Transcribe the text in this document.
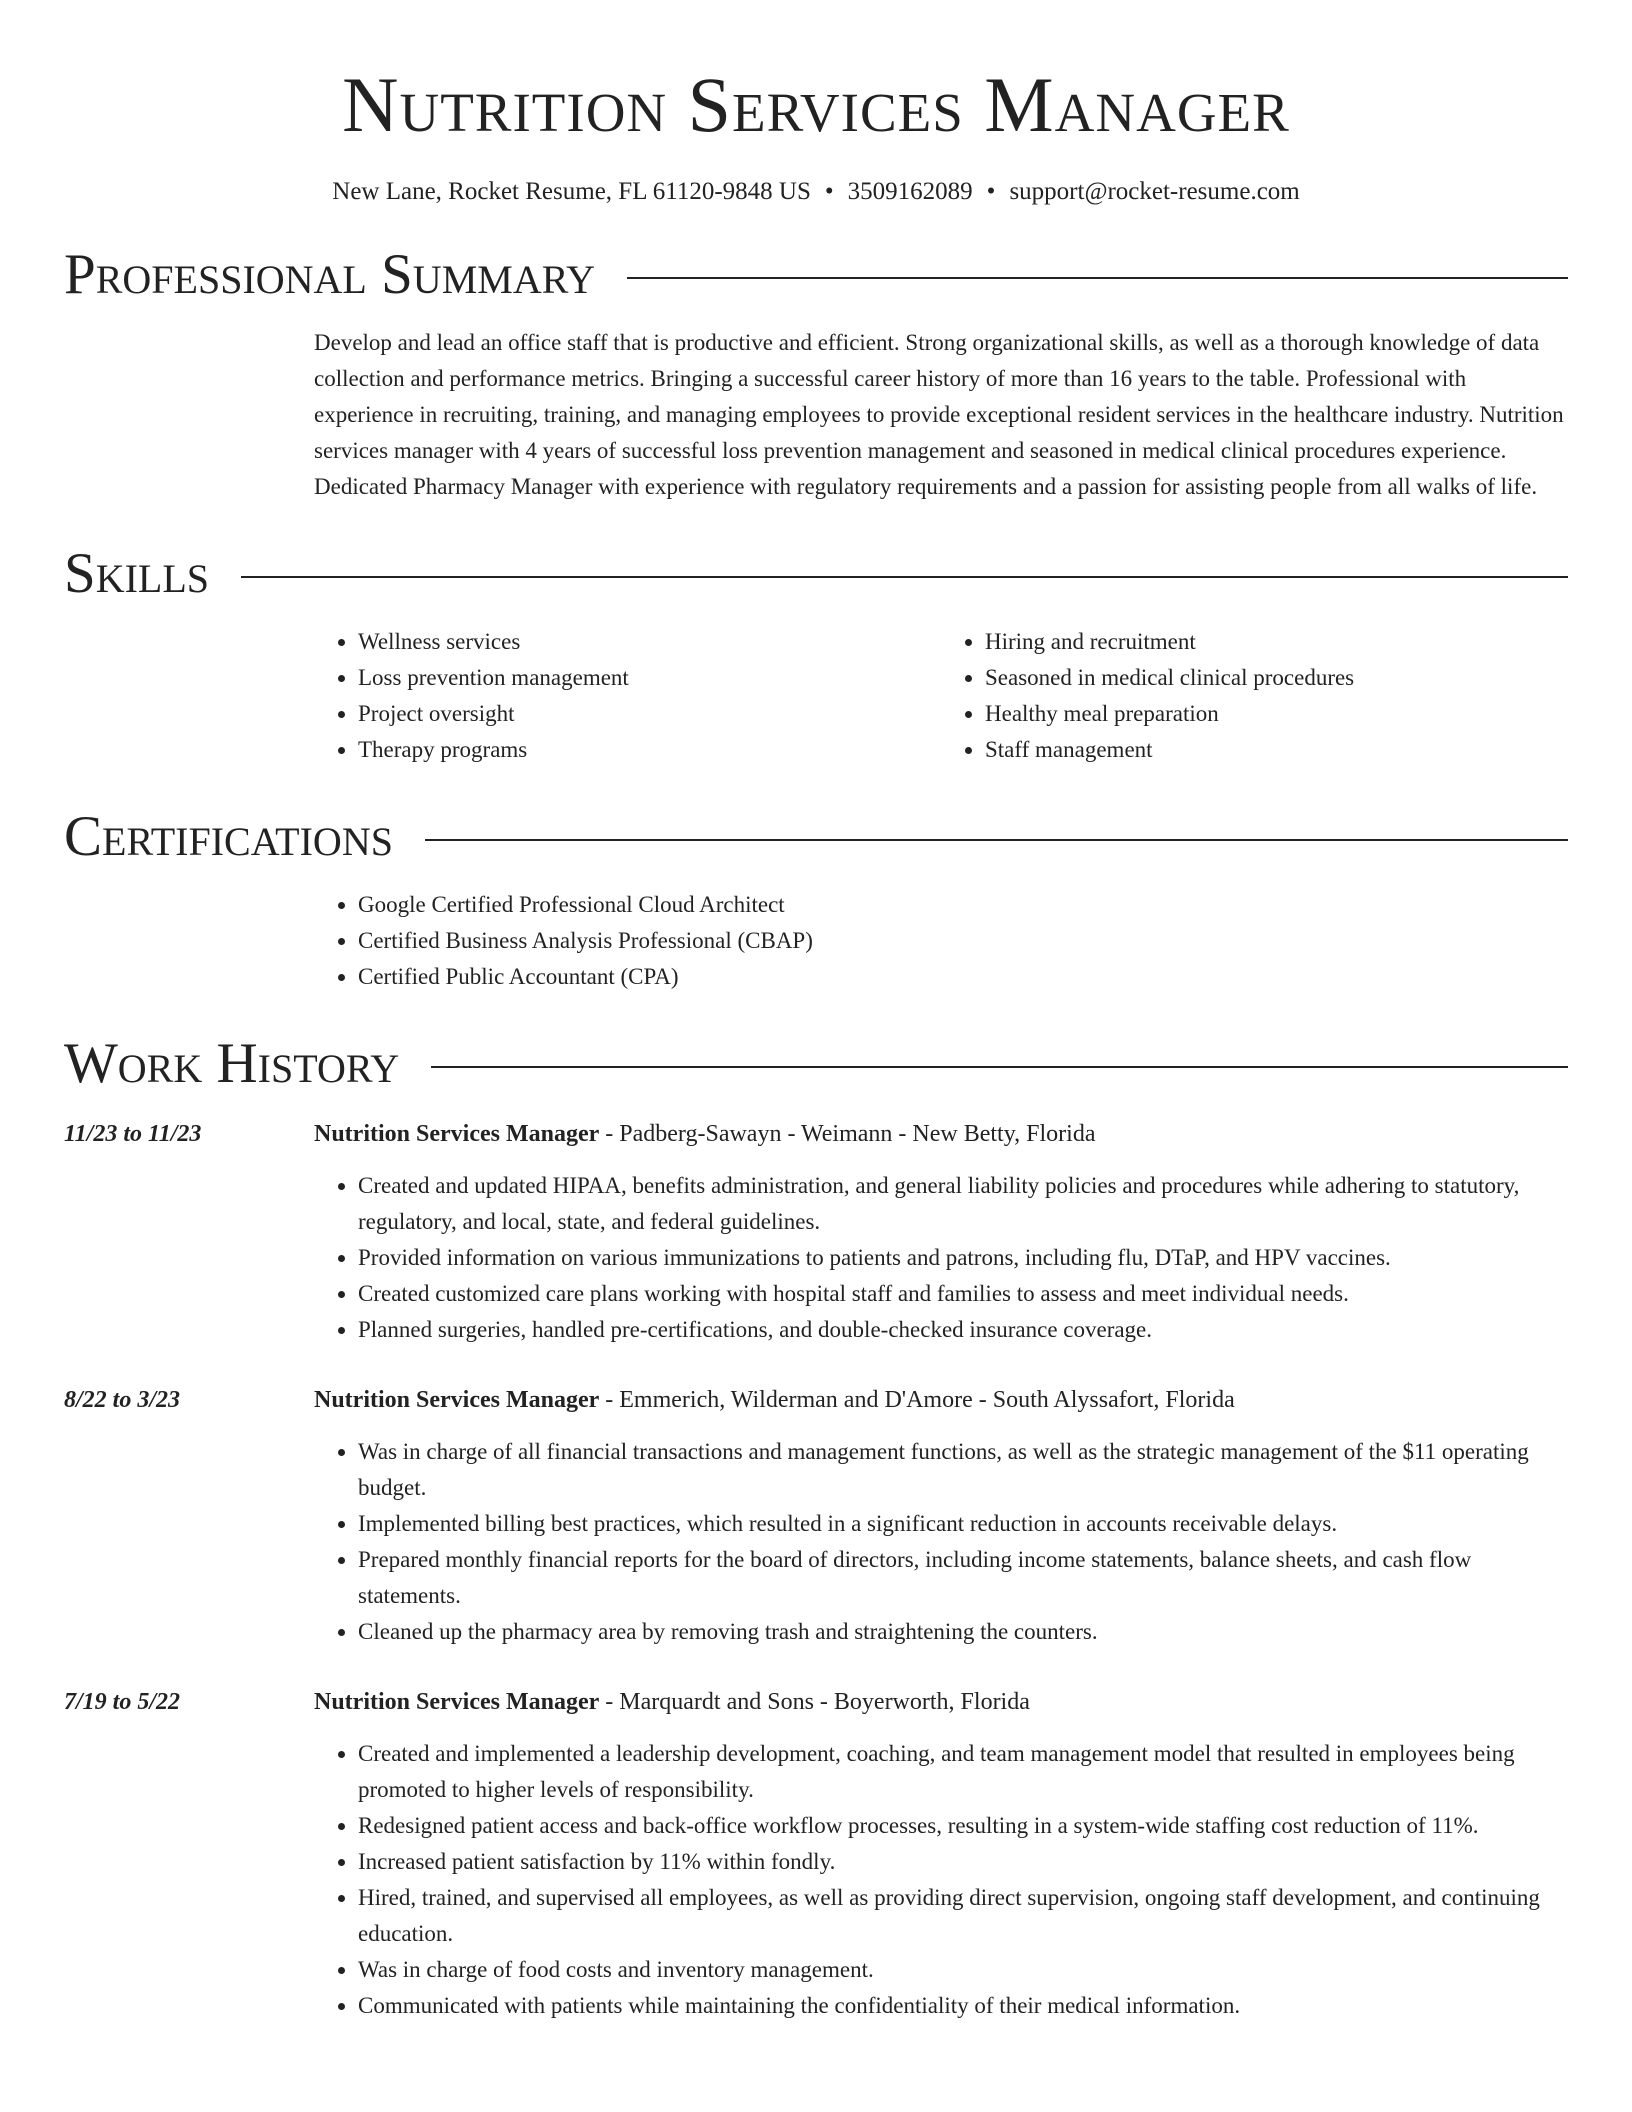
Nutrition Services Manager
New Lane, Rocket Resume, FL 61120-9848 US • 3509162089 • support@rocket-resume.com
Professional Summary
Develop and lead an office staff that is productive and efficient. Strong organizational skills, as well as a thorough knowledge of data collection and performance metrics. Bringing a successful career history of more than 16 years to the table. Professional with experience in recruiting, training, and managing employees to provide exceptional resident services in the healthcare industry. Nutrition services manager with 4 years of successful loss prevention management and seasoned in medical clinical procedures experience. Dedicated Pharmacy Manager with experience with regulatory requirements and a passion for assisting people from all walks of life.
Skills
• Wellness services
• Loss prevention management
• Project oversight
• Therapy programs
• Hiring and recruitment
• Seasoned in medical clinical procedures
• Healthy meal preparation
• Staff management
Certifications
• Google Certified Professional Cloud Architect
• Certified Business Analysis Professional (CBAP)
• Certified Public Accountant (CPA)
Work History
11/23 to 11/23	Nutrition Services Manager - Padberg-Sawayn - Weimann - New Betty, Florida
• Created and updated HIPAA, benefits administration, and general liability policies and procedures while adhering to statutory, regulatory, and local, state, and federal guidelines.
• Provided information on various immunizations to patients and patrons, including flu, DTaP, and HPV vaccines.
• Created customized care plans working with hospital staff and families to assess and meet individual needs.
• Planned surgeries, handled pre-certifications, and double-checked insurance coverage.
8/22 to 3/23	Nutrition Services Manager - Emmerich, Wilderman and D'Amore - South Alyssafort, Florida
• Was in charge of all financial transactions and management functions, as well as the strategic management of the $11 operating budget.
• Implemented billing best practices, which resulted in a significant reduction in accounts receivable delays.
• Prepared monthly financial reports for the board of directors, including income statements, balance sheets, and cash flow statements.
• Cleaned up the pharmacy area by removing trash and straightening the counters.
7/19 to 5/22	Nutrition Services Manager - Marquardt and Sons - Boyerworth, Florida
• Created and implemented a leadership development, coaching, and team management model that resulted in employees being promoted to higher levels of responsibility.
• Redesigned patient access and back-office workflow processes, resulting in a system-wide staffing cost reduction of 11%.
• Increased patient satisfaction by 11% within fondly.
• Hired, trained, and supervised all employees, as well as providing direct supervision, ongoing staff development, and continuing education.
• Was in charge of food costs and inventory management.
• Communicated with patients while maintaining the confidentiality of their medical information.
